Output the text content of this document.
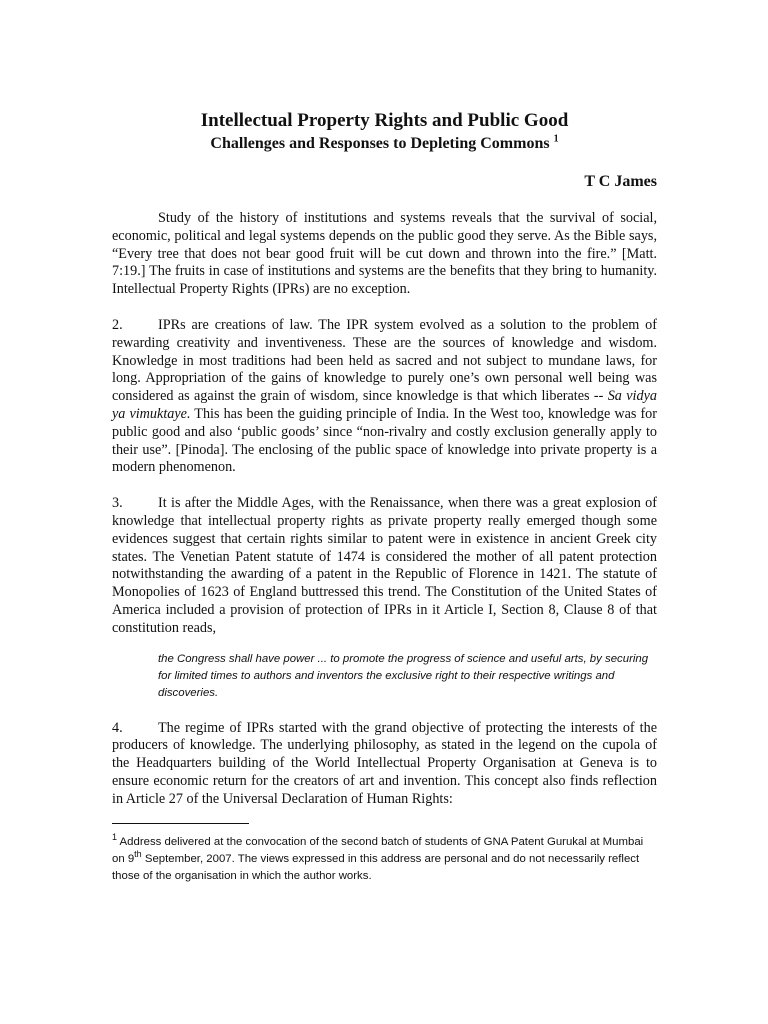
Intellectual Property Rights and Public Good
Challenges and Responses to Depleting Commons $^1$
T C James

Study of the history of institutions and systems reveals that the survival of social, economic, political and legal systems depends on the public good they serve. As the Bible says, “Every tree that does not bear good fruit will be cut down and thrown into the fire.” [Matt. 7:19.] The fruits in case of institutions and systems are the benefits that they bring to humanity. Intellectual Property Rights (IPRs) are no exception.

2. IPRs are creations of law. The IPR system evolved as a solution to the problem of rewarding creativity and inventiveness. These are the sources of knowledge and wisdom. Knowledge in most traditions had been held as sacred and not subject to mundane laws, for long. Appropriation of the gains of knowledge to purely one’s own personal well being was considered as against the grain of wisdom, since knowledge is that which liberates -- Sa vidya ya vimuktaye. This has been the guiding principle of India. In the West too, knowledge was for public good and also ‘public goods’ since “non-rivalry and costly exclusion generally apply to their use”. [Pinoda]. The enclosing of the public space of knowledge into private property is a modern phenomenon.

3. It is after the Middle Ages, with the Renaissance, when there was a great explosion of knowledge that intellectual property rights as private property really emerged though some evidences suggest that certain rights similar to patent were in existence in ancient Greek city states. The Venetian Patent statute of 1474 is considered the mother of all patent protection notwithstanding the awarding of a patent in the Republic of Florence in 1421. The statute of Monopolies of 1623 of England buttressed this trend. The Constitution of the United States of America included a provision of protection of IPRs in it Article I, Section 8, Clause 8 of that constitution reads,

the Congress shall have power ... to promote the progress of science and useful arts, by securing for limited times to authors and inventors the exclusive right to their respective writings and discoveries.

4. The regime of IPRs started with the grand objective of protecting the interests of the producers of knowledge. The underlying philosophy, as stated in the legend on the cupola of the Headquarters building of the World Intellectual Property Organisation at Geneva is to ensure economic return for the creators of art and invention. This concept also finds reflection in Article 27 of the Universal Declaration of Human Rights:

$^1$ Address delivered at the convocation of the second batch of students of GNA Patent Gurukal at Mumbai on 9th September, 2007. The views expressed in this address are personal and do not necessarily reflect those of the organisation in which the author works.
